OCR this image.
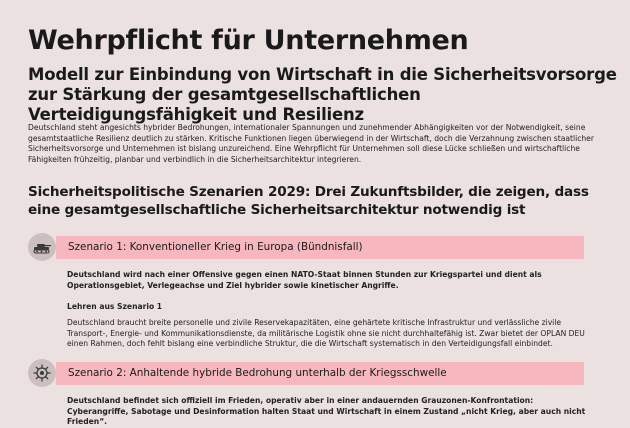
Wehrpflicht für Unternehmen
Modell zur Einbindung von Wirtschaft in die Sicherheitsvorsorge zur Stärkung der gesamtgesellschaftlichen Verteidigungsfähigkeit und Resilienz
Deutschland steht angesichts hybrider Bedrohungen, internationaler Spannungen und zunehmender Abhängigkeiten vor der Notwendigkeit, seine gesamtstaatliche Resilienz deutlich zu stärken. Kritische Funktionen liegen überwiegend in der Wirtschaft, doch die Verzahnung zwischen staatlicher Sicherheitsvorsorge und Unternehmen ist bislang unzureichend. Eine Wehrpflicht für Unternehmen soll diese Lücke schließen und wirtschaftliche Fähigkeiten frühzeitig, planbar und verbindlich in die Sicherheitsarchitektur integrieren.
Sicherheitspolitische Szenarien 2029: Drei Zukunftsbilder, die zeigen, dass eine gesamtgesellschaftliche Sicherheitsarchitektur notwendig ist
Szenario 1: Konventioneller Krieg in Europa (Bündnisfall)
Deutschland wird nach einer Offensive gegen einen NATO-Staat binnen Stunden zur Kriegspartei und dient als Operationsgebiet, Verlegeachse und Ziel hybrider sowie kinetischer Angriffe.
Lehren aus Szenario 1
Deutschland braucht breite personelle und zivile Reservekapazitäten, eine gehärtete kritische Infrastruktur und verlässliche zivile Transport-, Energie- und Kommunikationsdienste, da militärische Logistik ohne sie nicht durchhaltefähig ist. Zwar bietet der OPLAN DEU einen Rahmen, doch fehlt bislang eine verbindliche Struktur, die die Wirtschaft systematisch in den Verteidigungsfall einbindet.
Szenario 2: Anhaltende hybride Bedrohung unterhalb der Kriegsschwelle
Deutschland befindet sich offiziell im Frieden, operativ aber in einer andauernden Grauzonen-Konfrontation: Cyberangriffe, Sabotage und Desinformation halten Staat und Wirtschaft in einem Zustand „nicht Krieg, aber auch nicht Frieden“.
